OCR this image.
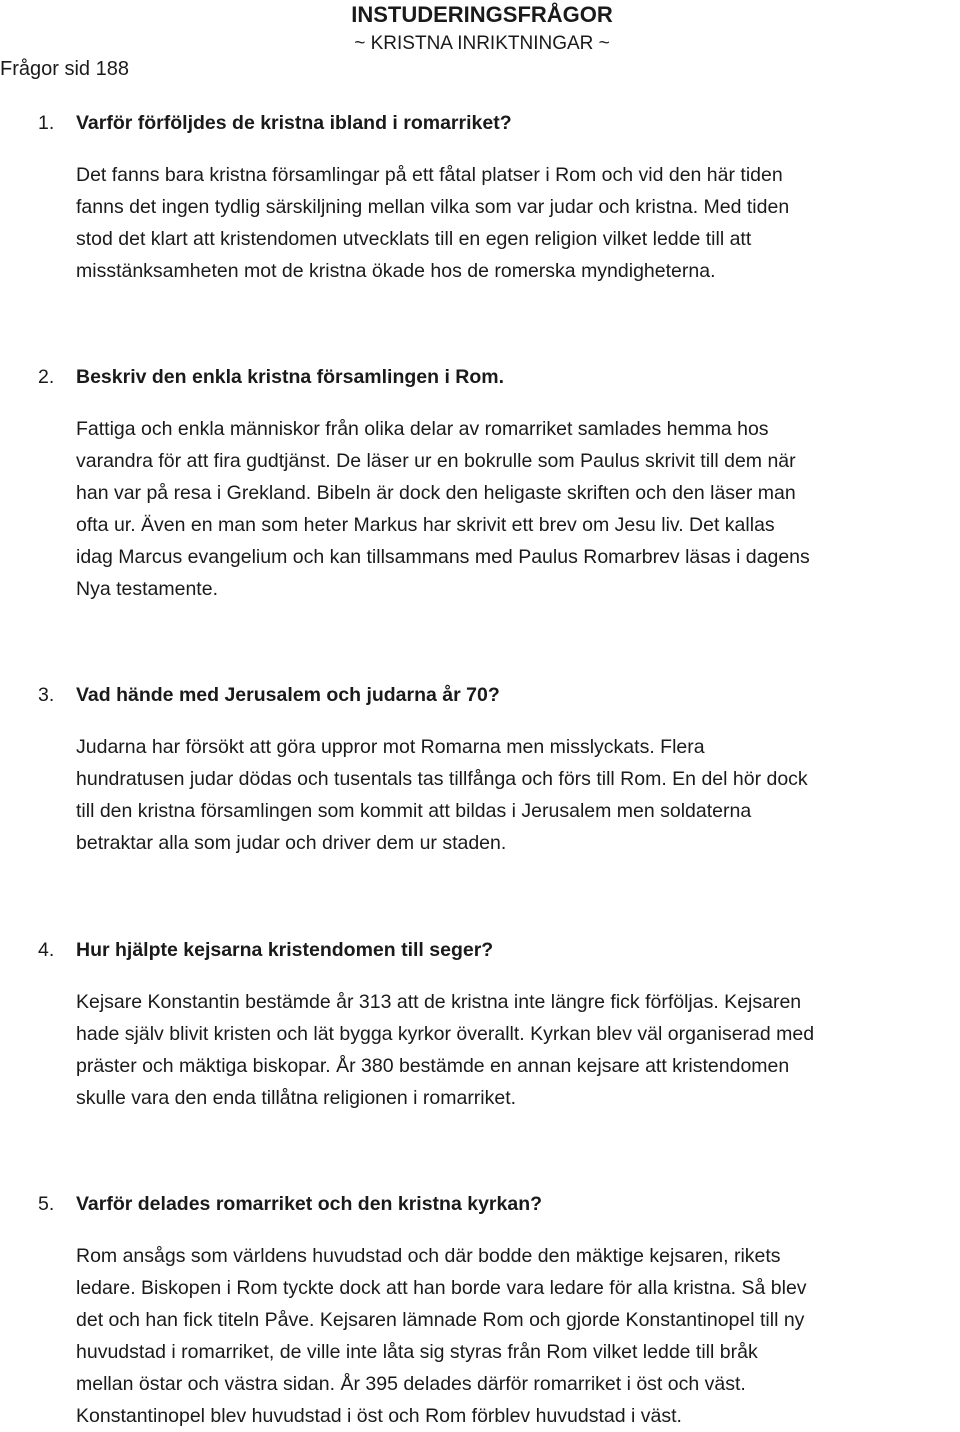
INSTUDERINGSFRÅGOR
~ KRISTNA INRIKTNINGAR ~
Frågor sid 188
1.	Varför förföljdes de kristna ibland i romarriket?
Det fanns bara kristna församlingar på ett fåtal platser i Rom och vid den här tiden
fanns det ingen tydlig särskiljning mellan vilka som var judar och kristna. Med tiden
stod det klart att kristendomen utvecklats till en egen religion vilket ledde till att
misstänksamheten mot de kristna ökade hos de romerska myndigheterna.
2.	Beskriv den enkla kristna församlingen i Rom.
Fattiga och enkla människor från olika delar av romarriket samlades hemma hos
varandra för att fira gudtjänst. De läser ur en bokrulle som Paulus skrivit till dem när
han var på resa i Grekland. Bibeln är dock den heligaste skriften och den läser man
ofta ur. Även en man som heter Markus har skrivit ett brev om Jesu liv. Det kallas
idag Marcus evangelium och kan tillsammans med Paulus Romarbrev läsas i dagens
Nya testamente.
3.	Vad hände med Jerusalem och judarna år 70?
Judarna har försökt att göra uppror mot Romarna men misslyckats. Flera
hundratusen judar dödas och tusentals tas tillfånga och förs till Rom. En del hör dock
till den kristna församlingen som kommit att bildas i Jerusalem men soldaterna
betraktar alla som judar och driver dem ur staden.
4.	Hur hjälpte kejsarna kristendomen till seger?
Kejsare Konstantin bestämde år 313 att de kristna inte längre fick förföljas. Kejsaren
hade själv blivit kristen och lät bygga kyrkor överallt. Kyrkan blev väl organiserad med
präster och mäktiga biskopar. År 380 bestämde en annan kejsare att kristendomen
skulle vara den enda tillåtna religionen i romarriket.
5.	Varför delades romarriket och den kristna kyrkan?
Rom ansågs som världens huvudstad och där bodde den mäktige kejsaren, rikets
ledare. Biskopen i Rom tyckte dock att han borde vara ledare för alla kristna. Så blev
det och han fick titeln Påve. Kejsaren lämnade Rom och gjorde Konstantinopel till ny
huvudstad i romarriket, de ville inte låta sig styras från Rom vilket ledde till bråk
mellan östar och västra sidan. År 395 delades därför romarriket i öst och väst.
Konstantinopel blev huvudstad i öst och Rom förblev huvudstad i väst.
